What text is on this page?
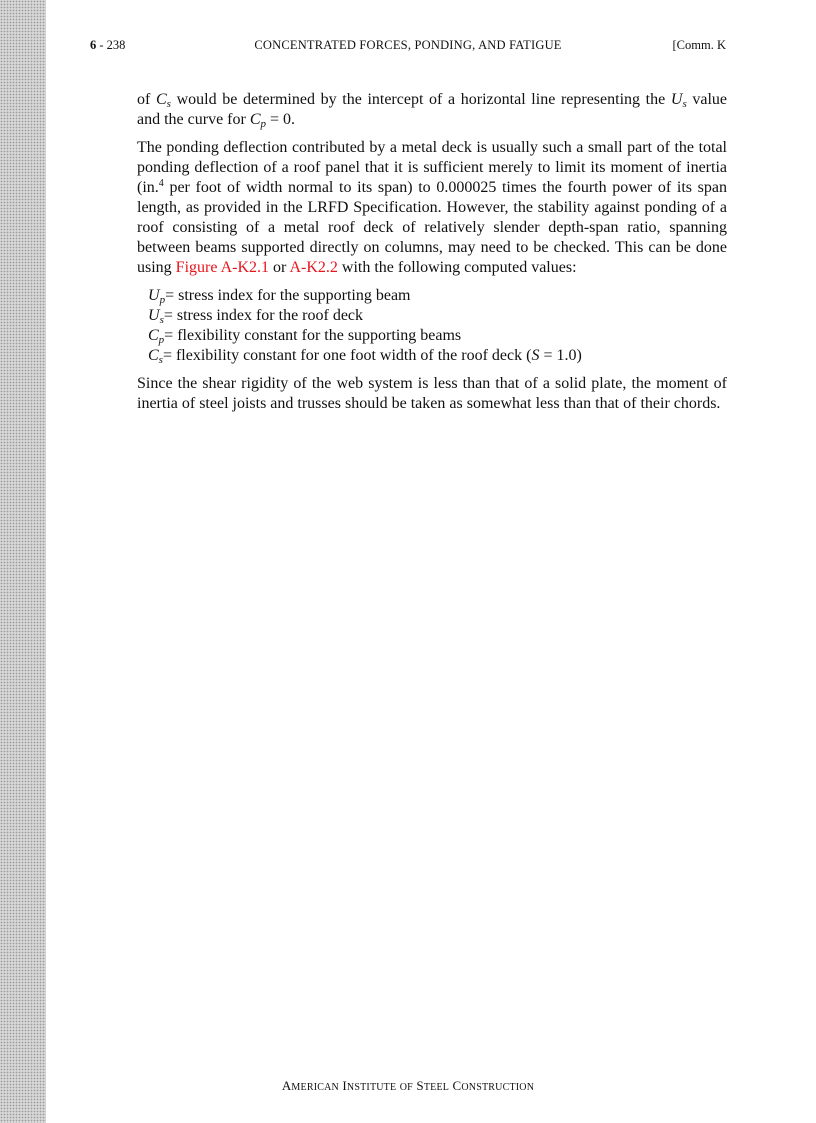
6 - 238	CONCENTRATED FORCES, PONDING, AND FATIGUE	[Comm. K

of $C_s$ would be determined by the intercept of a horizontal line representing the $U_s$ value and the curve for $C_p = 0$.

The ponding deflection contributed by a metal deck is usually such a small part of the total ponding deflection of a roof panel that it is sufficient merely to limit its moment of inertia (in.$^4$ per foot of width normal to its span) to 0.000025 times the fourth power of its span length, as provided in the LRFD Specification. However, the stability against ponding of a roof consisting of a metal roof deck of relatively slender depth-span ratio, spanning between beams supported directly on columns, may need to be checked. This can be done using Figure A-K2.1 or A-K2.2 with the following computed values:

$U_p=$ stress index for the supporting beam
$U_s=$ stress index for the roof deck
$C_p=$ flexibility constant for the supporting beams
$C_s=$ flexibility constant for one foot width of the roof deck (S = 1.0)

Since the shear rigidity of the web system is less than that of a solid plate, the moment of inertia of steel joists and trusses should be taken as somewhat less than that of their chords.

AMERICAN INSTITUTE OF STEEL CONSTRUCTION
